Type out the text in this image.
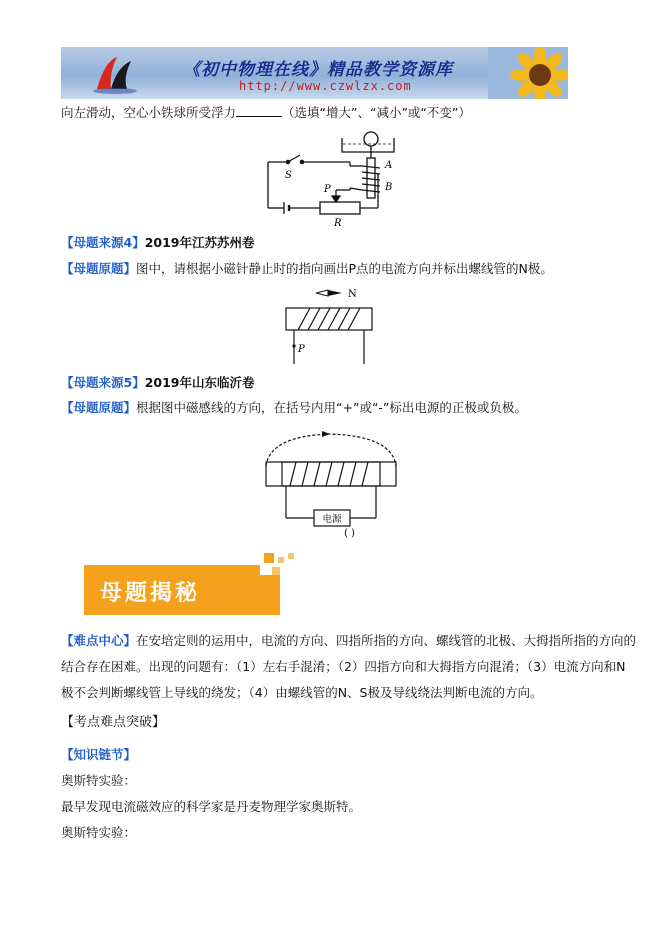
《初中物理在线》精品教学资源库
http://www.czwlzx.com
向左滑动，空心小铁球所受浮力	（选填“增大”、“减小”或“不变”）
S
A
B
P
R
【母题来源4】2019年江苏苏州卷
【母题原题】图中，请根据小磁针静止时的指向画出P点的电流方向并标出螺线管的N极。
N
P
【母题来源5】2019年山东临沂卷
【母题原题】根据图中磁感线的方向，在括号内用“+”或“-”标出电源的正极或负极。
电源
( )
母题揭秘
【难点中心】在安培定则的运用中，电流的方向、四指所指的方向、螺线管的北极、大拇指所指的方向的
结合存在困难。出现的问题有：（1）左右手混淆；（2）四指方向和大拇指方向混淆；（3）电流方向和N
极不会判断螺线管上导线的绕发；（4）由螺线管的N、S极及导线绕法判断电流的方向。
【考点难点突破】
【知识链节】
奥斯特实验：
最早发现电流磁效应的科学家是丹麦物理学家奥斯特。
奥斯特实验：
